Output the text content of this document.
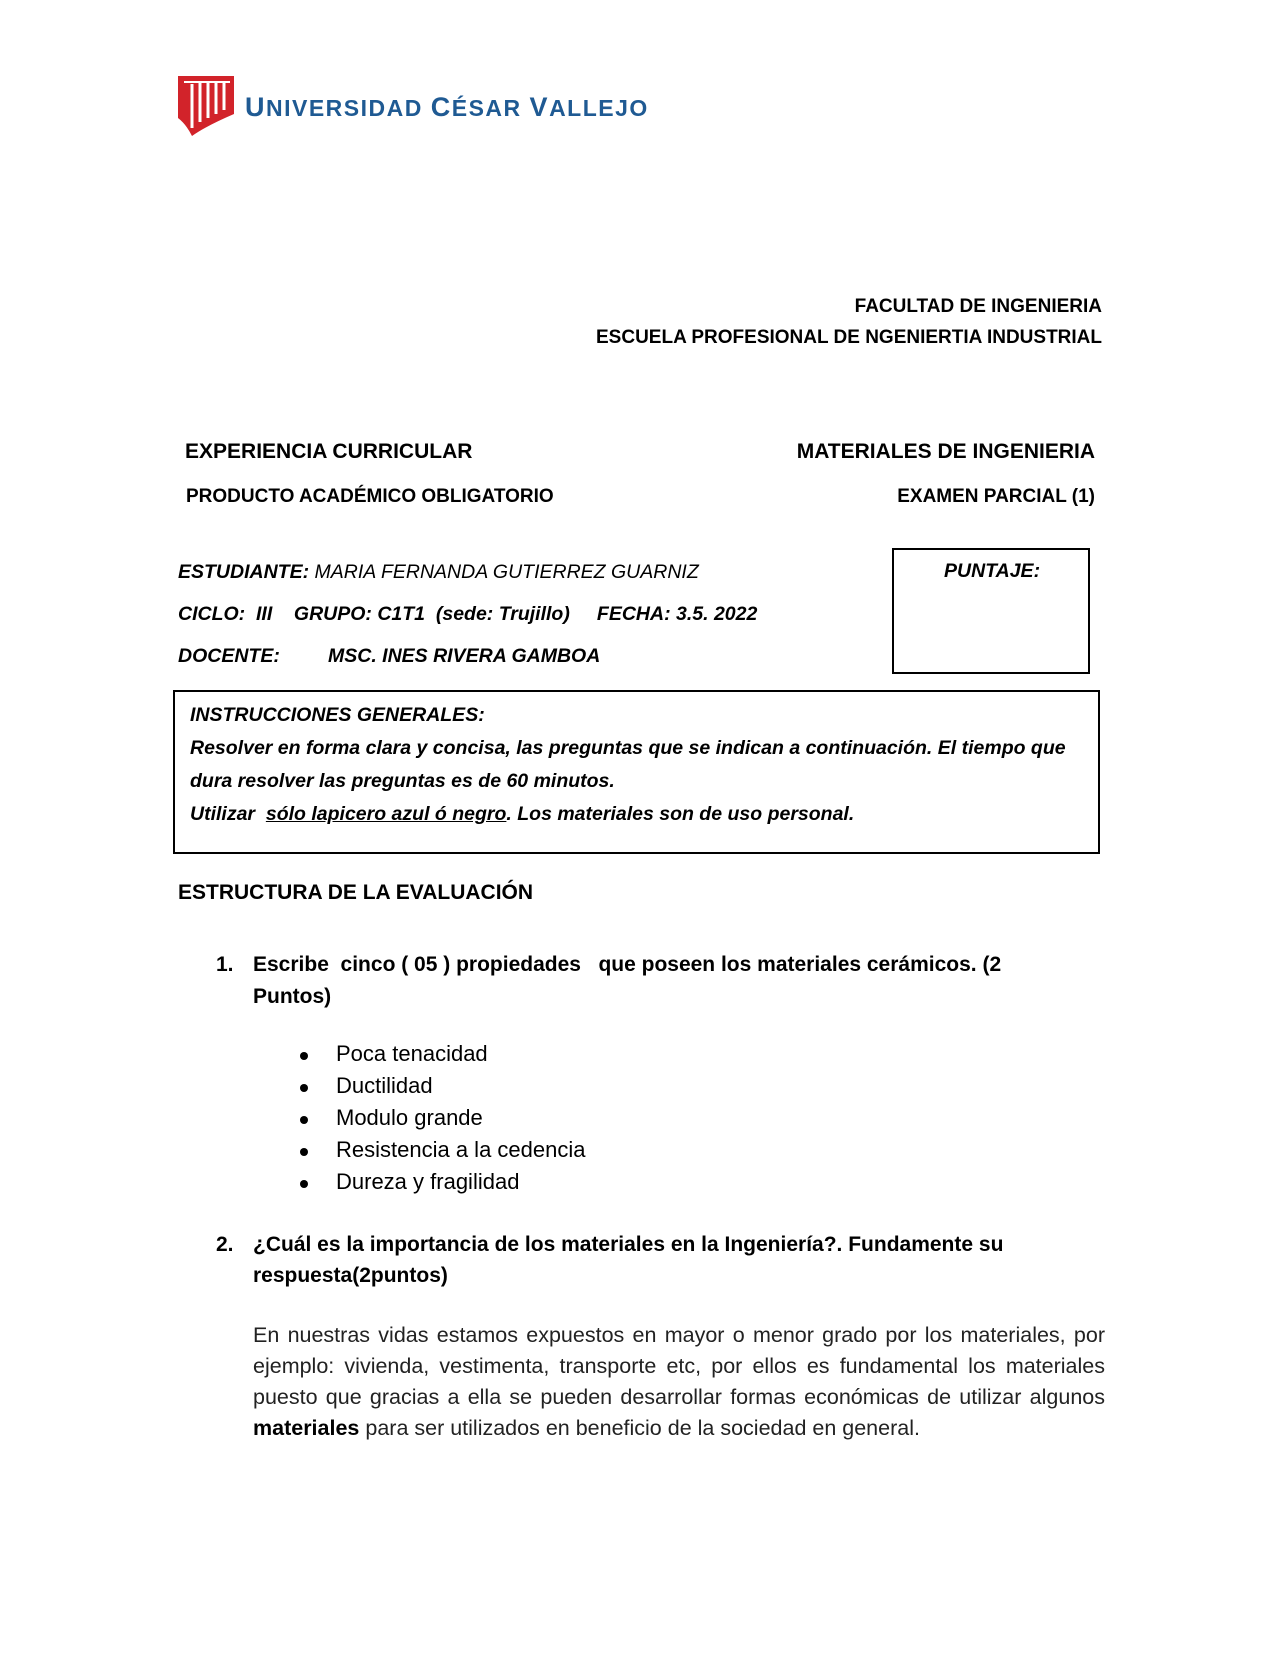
UNIVERSIDAD CÉSAR VALLEJO
FACULTAD DE INGENIERIA
ESCUELA PROFESIONAL DE NGENIERTIA INDUSTRIAL
EXPERIENCIA CURRICULAR	MATERIALES DE INGENIERIA
PRODUCTO ACADÉMICO OBLIGATORIO	EXAMEN PARCIAL (1)
ESTUDIANTE: MARIA FERNANDA GUTIERREZ GUARNIZ
CICLO:  III    GRUPO: C1T1  (sede: Trujillo)     FECHA: 3.5. 2022
DOCENTE: MSC. INES RIVERA GAMBOA
PUNTAJE:
INSTRUCCIONES GENERALES:
Resolver en forma clara y concisa, las preguntas que se indican a continuación. El tiempo que
dura resolver las preguntas es de 60 minutos.
Utilizar  sólo lapicero azul ó negro. Los materiales son de uso personal.
ESTRUCTURA DE LA EVALUACIÓN
1. Escribe  cinco ( 05 ) propiedades   que poseen los materiales cerámicos. (2
Puntos)
Poca tenacidad
Ductilidad
Modulo grande
Resistencia a la cedencia
Dureza y fragilidad
2. ¿Cuál es la importancia de los materiales en la Ingeniería?. Fundamente su
respuesta(2puntos)
En nuestras vidas estamos expuestos en mayor o menor grado por los materiales, por ejemplo: vivienda, vestimenta, transporte etc, por ellos es fundamental los materiales puesto que gracias a ella se pueden desarrollar formas económicas de utilizar algunos materiales para ser utilizados en beneficio de la sociedad en general.
